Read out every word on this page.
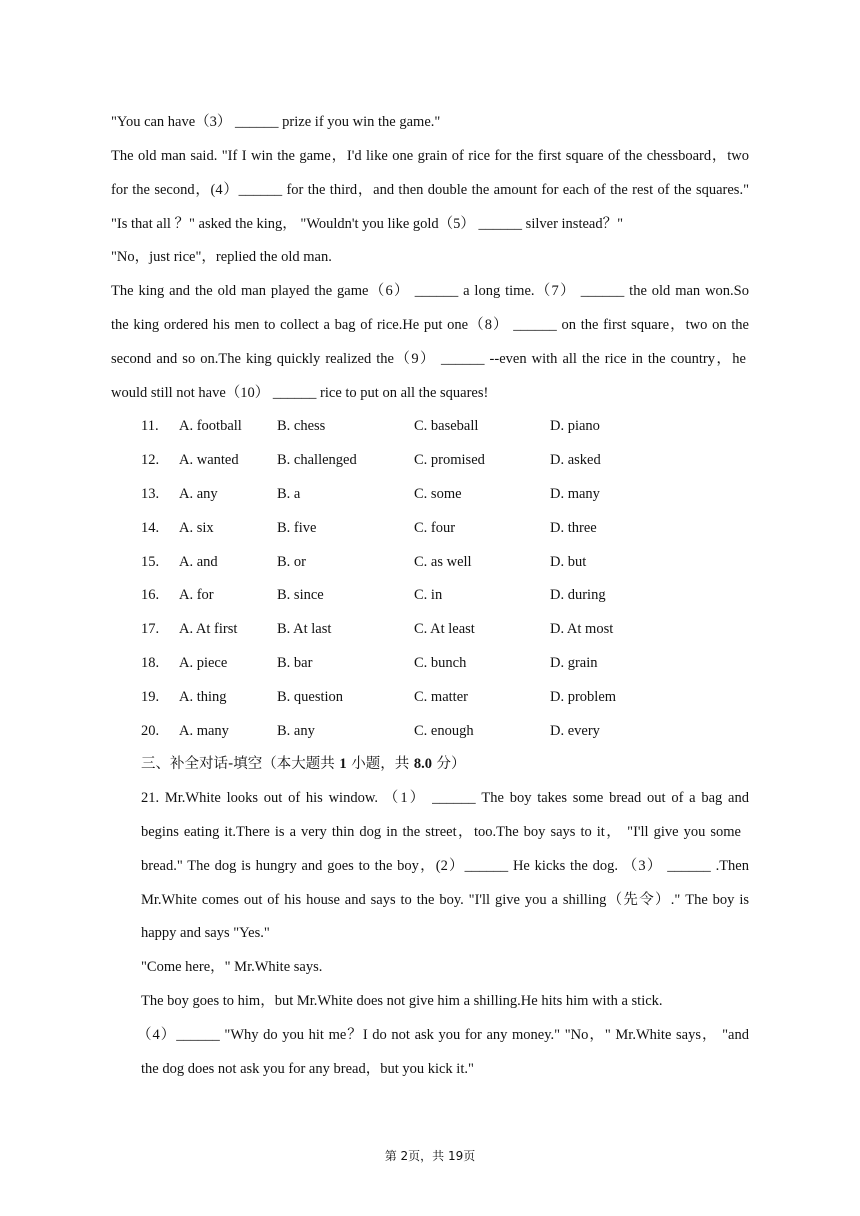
"You can have（3） ______ prize if you win the game."
The old man said. "If I win the game，I'd like one grain of rice for the first square of the chessboard，two
for the second，(4）______ for the third，and then double the amount for each of the rest of the squares."
"Is that all ？" asked the king， "Wouldn't you like gold（5） ______ silver instead？"
"No，just rice"，replied the old man.
The king and the old man played the game（6） ______ a long time.（7） ______ the old man won.So
the king ordered his men to collect a bag of rice.He put one（8） ______ on the first square，two on the
second and so on.The king quickly realized the（9） ______ --even with all the rice in the country，he
would still not have（10） ______ rice to put on all the squares!
11. A. football B. chess	C. baseball	D. piano
12. A. wanted	B. challenged	C. promised	D. asked
13. A. any	B. a	C. some	D. many
14. A. six	B. five	C. four	D. three
15. A. and	B. or	C. as well	D. but
16. A. for	B. since	C. in	D. during
17. A. At first	B. At last	C. At least	D. At most
18. A. piece	B. bar	C. bunch	D. grain
19. A. thing	B. question	C. matter	D. problem
20. A. many	B. any	C. enough	D. every
三、补全对话-填空（本大题共 1 小题，共 8.0 分）
21. Mr.White looks out of his window. （1） ______ The boy takes some bread out of a bag and
begins eating it.There is a very thin dog in the street，too.The boy says to it， "I'll give you some
bread." The dog is hungry and goes to the boy，(2）______ He kicks the dog. （3） ______ .Then
Mr.White comes out of his house and says to the boy. "I'll give you a shilling（先令）." The boy is
happy and says "Yes."
"Come here，" Mr.White says.
The boy goes to him，but Mr.White does not give him a shilling.He hits him with a stick.
（4）______ "Why do you hit me？I do not ask you for any money." "No，" Mr.White says， "and
the dog does not ask you for any bread，but you kick it."
第 2页，共 19页
